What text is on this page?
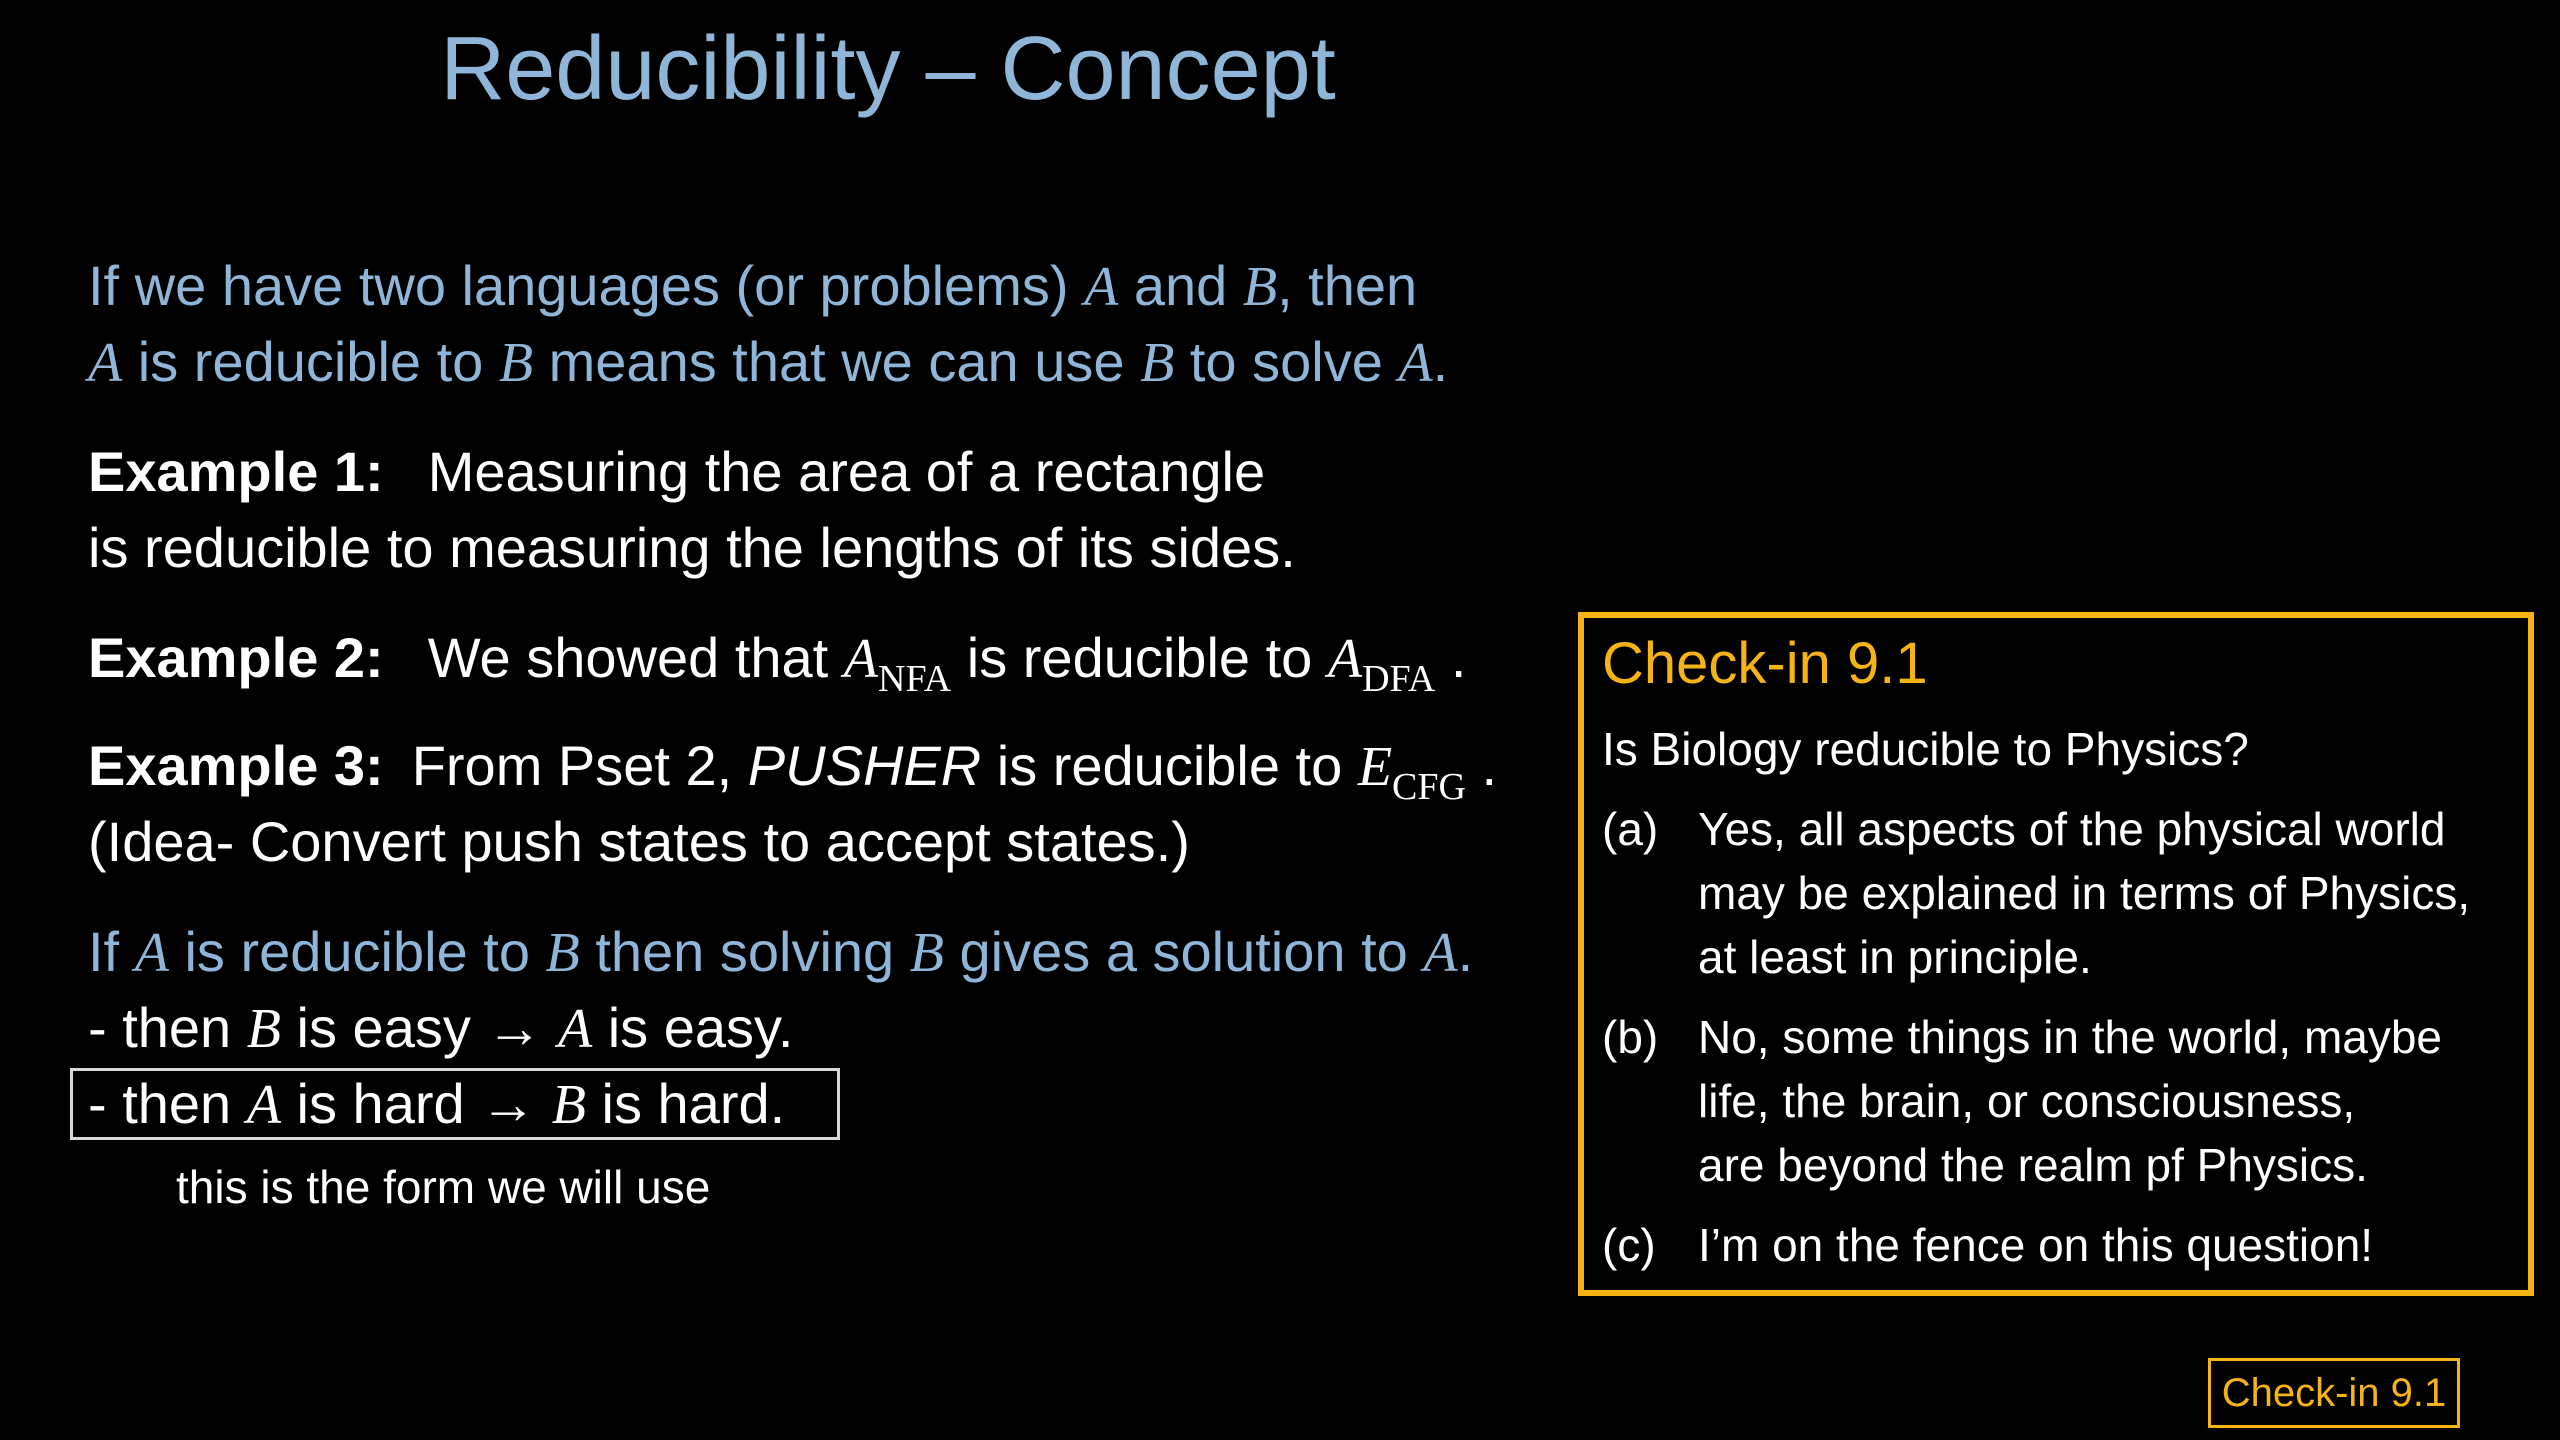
Reducibility – Concept
If we have two languages (or problems) A and B, then
A is reducible to B means that we can use B to solve A.
Example 1: Measuring the area of a rectangle
is reducible to measuring the lengths of its sides.
Example 2: We showed that $A_{NFA}$ is reducible to $A_{DFA}$ .
Example 3: From Pset 2, PUSHER is reducible to $E_{CFG}$ .
(Idea- Convert push states to accept states.)
If A is reducible to B then solving B gives a solution to A.
- then B is easy → A is easy.
- then A is hard → B is hard.
this is the form we will use
Check-in 9.1
Is Biology reducible to Physics?
(a) Yes, all aspects of the physical world
may be explained in terms of Physics,
at least in principle.
(b) No, some things in the world, maybe
life, the brain, or consciousness,
are beyond the realm pf Physics.
(c) I’m on the fence on this question!
Check-in 9.1
